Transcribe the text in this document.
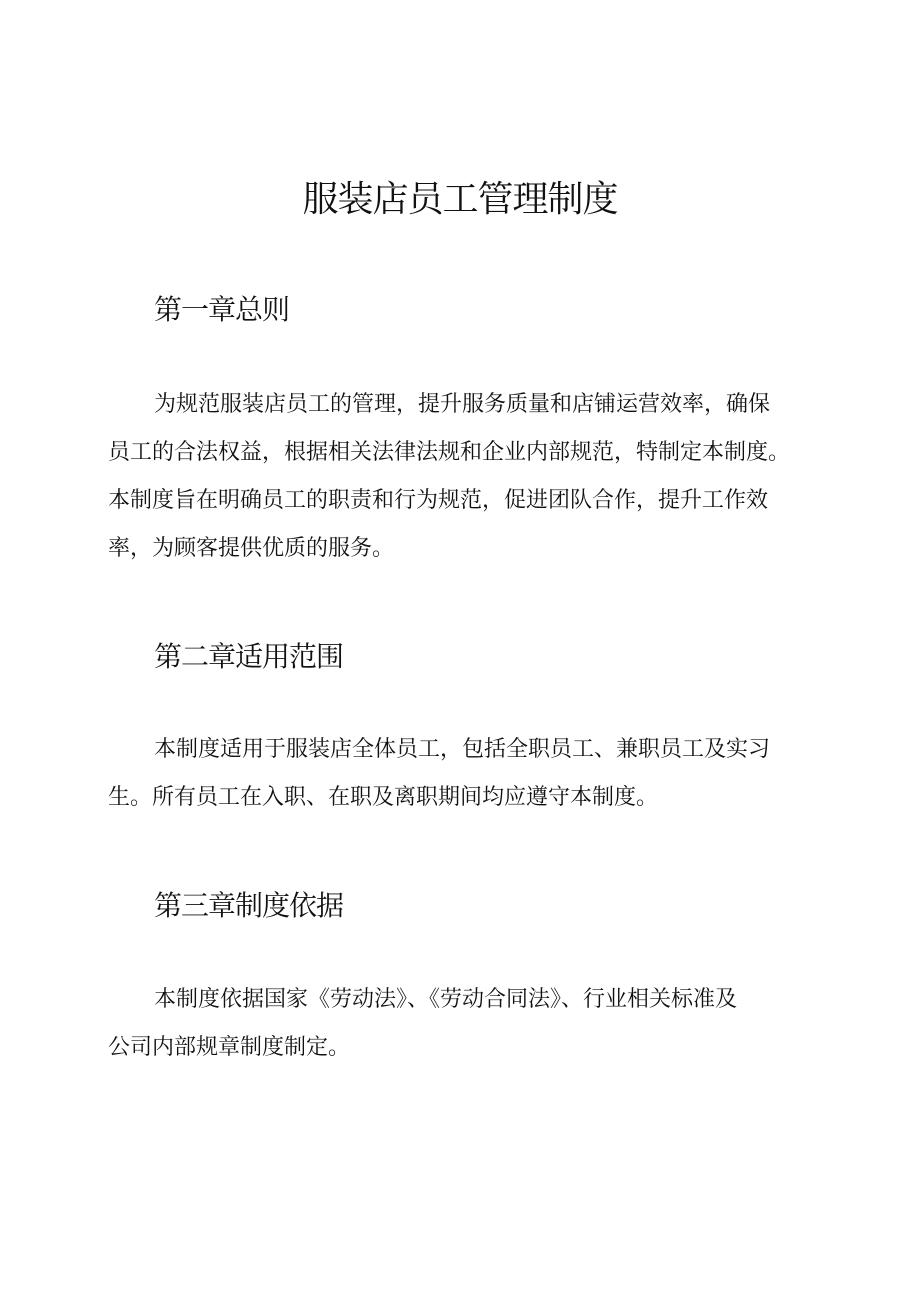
服装店员工管理制度
第一章总则
为规范服装店员工的管理，提升服务质量和店铺运营效率，确保
员工的合法权益，根据相关法律法规和企业内部规范，特制定本制度。
本制度旨在明确员工的职责和行为规范，促进团队合作，提升工作效
率，为顾客提供优质的服务。
第二章适用范围
本制度适用于服装店全体员工，包括全职员工、兼职员工及实习
生。所有员工在入职、在职及离职期间均应遵守本制度。
第三章制度依据
本制度依据国家《劳动法》、《劳动合同法》、行业相关标准及
公司内部规章制度制定。
